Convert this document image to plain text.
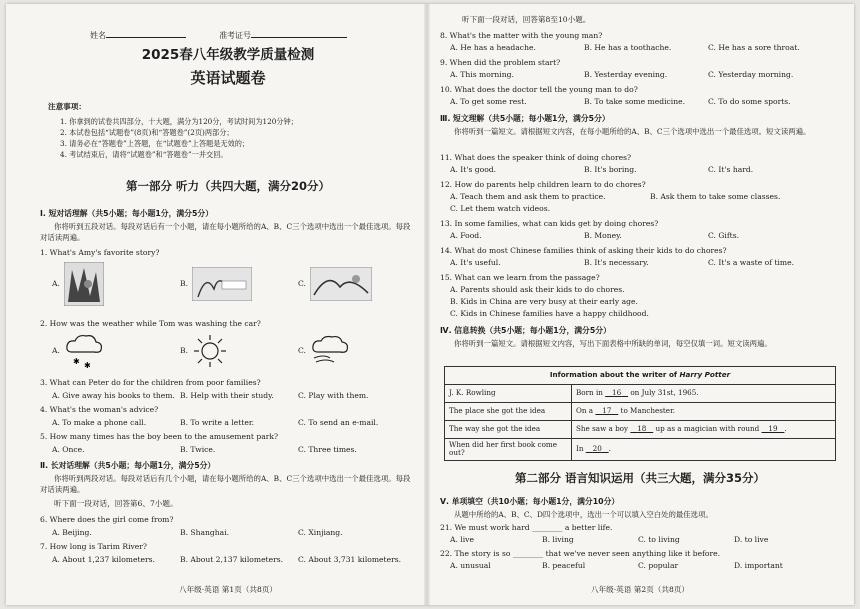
姓名	准考证号
2025春八年级教学质量检测
英语试题卷
注意事项：
1. 你拿到的试卷共四部分，十大题，满分为120分，考试时间为120分钟；
2. 本试卷包括“试题卷”(8页)和“答题卷”(2页)两部分；
3. 请务必在“答题卷”上答题，在“试题卷”上答题是无效的；
4. 考试结束后，请将“试题卷”和“答题卷”一并交回。
第一部分 听力（共四大题，满分20分）
Ⅰ. 短对话理解（共5小题；每小题1分，满分5分）
你将听到五段对话。每段对话后有一个小题，请在每小题所给的A、B、C三个选项中选出一个最佳选项。每段对话读两遍。
1. What's Amy's favorite story?
A.	B.	C.
2. How was the weather while Tom was washing the car?
A.
✱ ✱
B.	C.
3. What can Peter do for the children from poor families?
A. Give away his books to them. B. Help with their study.	C. Play with them.
4. What's the woman's advice?
A. To make a phone call.	B. To write a letter.	C. To send an e-mail.
5. How many times has the boy been to the amusement park?
A. Once.	B. Twice.	C. Three times.
Ⅱ. 长对话理解（共5小题；每小题1分，满分5分）
你将听到两段对话。每段对话后有几个小题，请在每小题所给的A、B、C三个选项中选出一个最佳选项。每段对话读两遍。
听下面一段对话，回答第6、7小题。
6. Where does the girl come from?
A. Beijing.	B. Shanghai.	C. Xinjiang.
7. How long is Tarim River?
A. About 1,237 kilometers.	B. About 2,137 kilometers.	C. About 3,731 kilometers.
八年级·英语 第1页（共8页）
听下面一段对话，回答第8至10小题。
8. What's the matter with the young man?
A. He has a headache.	B. He has a toothache.	C. He has a sore throat.
9. When did the problem start?
A. This morning.	B. Yesterday evening.	C. Yesterday morning.
10. What does the doctor tell the young man to do?
A. To get some rest.	B. To take some medicine.	C. To do some sports.
Ⅲ. 短文理解（共5小题；每小题1分，满分5分）
你将听到一篇短文。请根据短文内容，在每小题所给的A、B、C三个选项中选出一个最佳选项。短文读两遍。
11. What does the speaker think of doing chores?
A. It's good.	B. It's boring.	C. It's hard.
12. How do parents help children learn to do chores?
A. Teach them and ask them to practice.	B. Ask them to take some classes.
C. Let them watch videos.
13. In some families, what can kids get by doing chores?
A. Food.	B. Money.	C. Gifts.
14. What do most Chinese families think of asking their kids to do chores?
A. It's useful.	B. It's necessary.	C. It's a waste of time.
15. What can we learn from the passage?
A. Parents should ask their kids to do chores.
B. Kids in China are very busy at their early age.
C. Kids in Chinese families have a happy childhood.
Ⅳ. 信息转换（共5小题；每小题1分，满分5分）
你将听到一篇短文。请根据短文内容，写出下面表格中所缺的单词，每空仅填一词。短文读两遍。
Information about the writer of Harry Potter	
J. K. Rowling	Born in    16    on July 31st, 1965.
The place she got the idea	On a    17    to Manchester.
The way she got the idea	She saw a boy    18    up as a magician with round    19 .
When did her first book come out?	In    20 .
第二部分 语言知识运用（共三大题，满分35分）
Ⅴ. 单项填空（共10小题；每小题1分，满分10分）
从题中所给的A、B、C、D四个选项中，选出一个可以填入空白处的最佳选项。
21. We must work hard ________ a better life.
A. live	B. living	C. to living	D. to live
22. The story is so ________ that we've never seen anything like it before.
A. unusual	B. peaceful	C. popular	D. important
八年级·英语 第2页（共8页）
